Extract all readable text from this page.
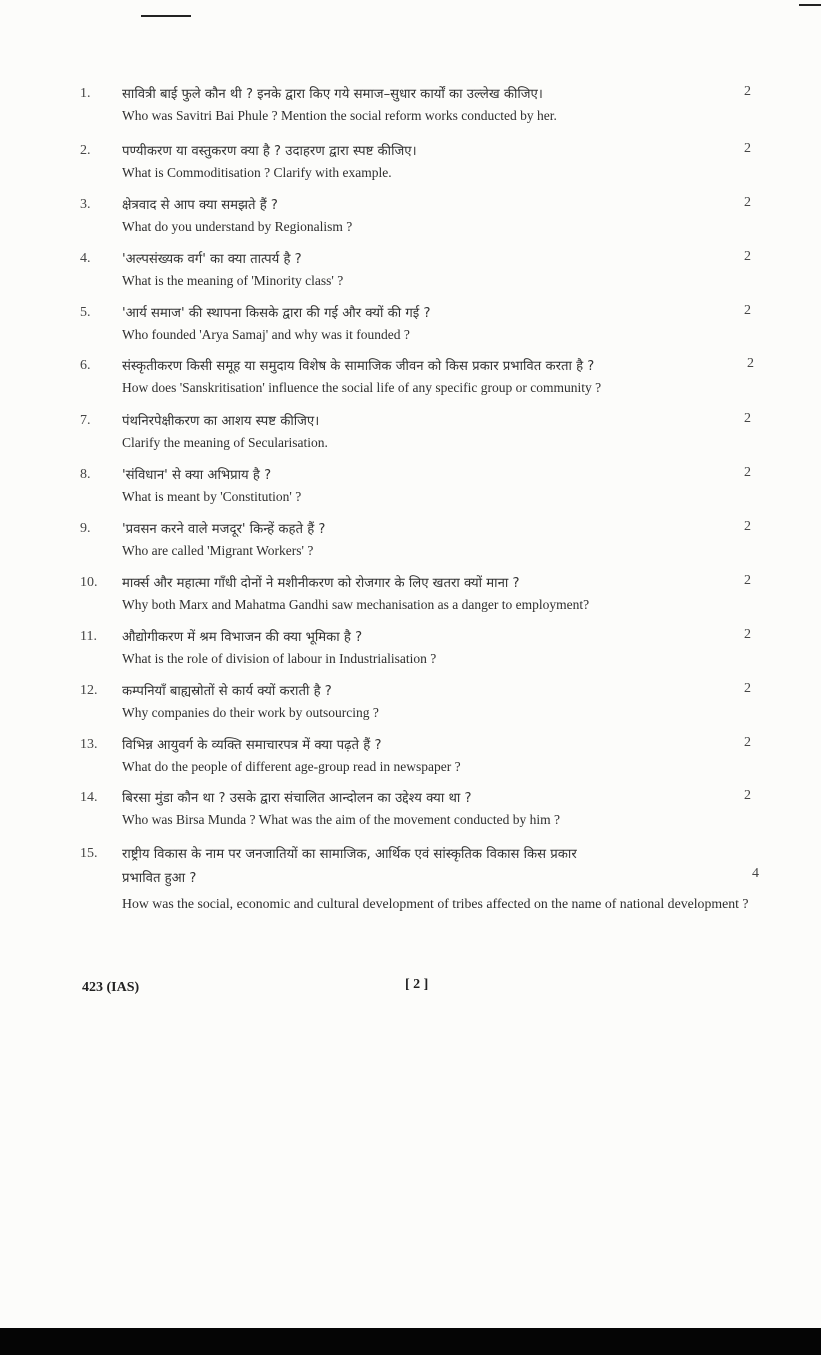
1. सावित्री बाई फुले कौन थी ? इनके द्वारा किए गये समाज–सुधार कार्यों का उल्लेख कीजिए।
Who was Savitri Bai Phule ? Mention the social reform works conducted by her.
2
2. पण्यीकरण या वस्तुकरण क्या है ? उदाहरण द्वारा स्पष्ट कीजिए।
What is Commoditisation ? Clarify with example.
2
3. क्षेत्रवाद से आप क्या समझते हैं ?
What do you understand by Regionalism ?
2
4. 'अल्पसंख्यक वर्ग' का क्या तात्पर्य है ?
What is the meaning of 'Minority class' ?
2
5. 'आर्य समाज' की स्थापना किसके द्वारा की गई और क्यों की गई ?
Who founded 'Arya Samaj' and why was it founded ?
2
6. संस्कृतीकरण किसी समूह या समुदाय विशेष के सामाजिक जीवन को किस प्रकार प्रभावित करता है ?
How does 'Sanskritisation' influence the social life of any specific group or community ?
2
7. पंथनिरपेक्षीकरण का आशय स्पष्ट कीजिए।
Clarify the meaning of Secularisation.
2
8. 'संविधान' से क्या अभिप्राय है ?
What is meant by 'Constitution' ?
2
9. 'प्रवसन करने वाले मजदूर' किन्हें कहते हैं ?
Who are called 'Migrant Workers' ?
2
10. मार्क्स और महात्मा गाँधी दोनों ने मशीनीकरण को रोजगार के लिए खतरा क्यों माना ?
Why both Marx and Mahatma Gandhi saw mechanisation as a danger to employment?
2
11. औद्योगीकरण में श्रम विभाजन की क्या भूमिका है ?
What is the role of division of labour in Industrialisation ?
2
12. कम्पनियाँ बाह्यस्रोतों से कार्य क्यों कराती है ?
Why companies do their work by outsourcing ?
2
13. विभिन्न आयुवर्ग के व्यक्ति समाचारपत्र में क्या पढ़ते हैं ?
What do the people of different age-group read in newspaper ?
2
14. बिरसा मुंडा कौन था ? उसके द्वारा संचालित आन्दोलन का उद्देश्य क्या था ?
Who was Birsa Munda ? What was the aim of the movement conducted by him ?
2
15. राष्ट्रीय विकास के नाम पर जनजातियों का सामाजिक, आर्थिक एवं सांस्कृतिक विकास किस प्रकार
प्रभावित हुआ ?	4
How was the social, economic and cultural development of tribes affected on the name of national development ?
423 (IAS)	[ 2 ]
